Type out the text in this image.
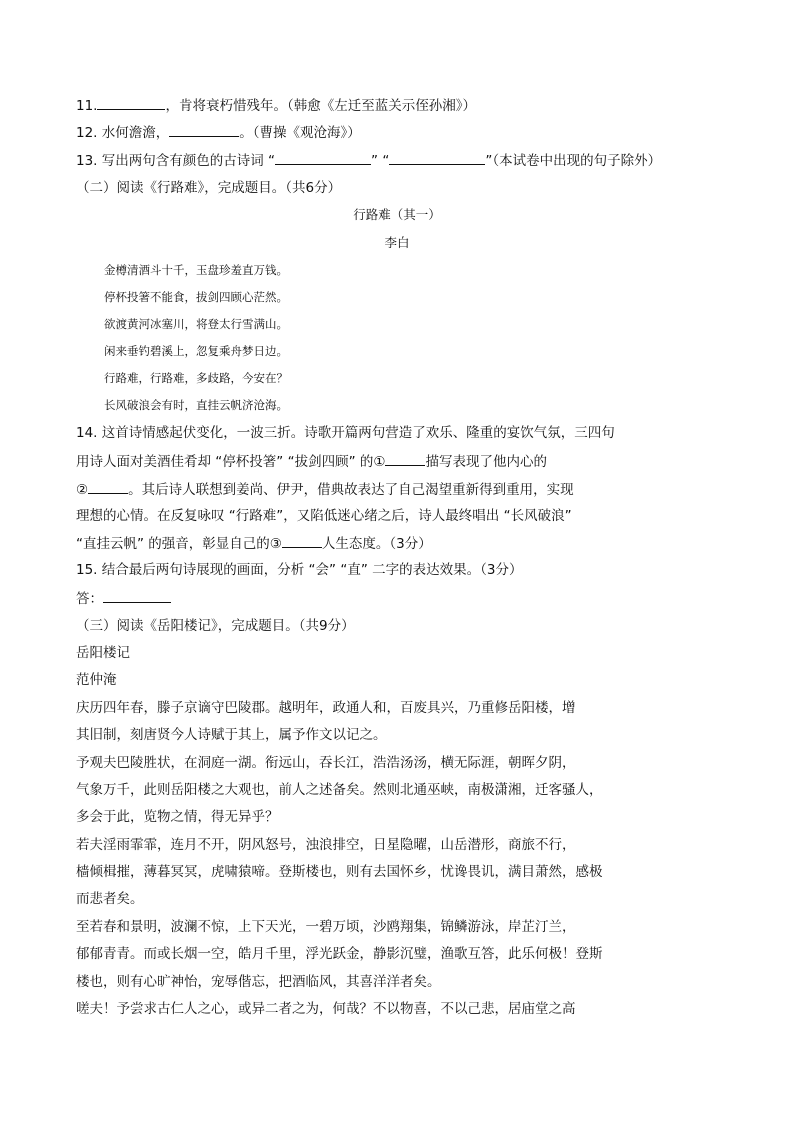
11.	，肯将衰朽惜残年。（韩愈《左迁至蓝关示侄孙湘》）

12. 水何澹澹，	。（曹操《观沧海》）

13. 写出两句含有颜色的古诗词 “	” “	”（本试卷中出现的句子除外）

（二）阅读《行路难》，完成题目。（共6分）

行路难（其一）
李白
金樽清酒斗十千，玉盘珍羞直万钱。
停杯投箸不能食，拔剑四顾心茫然。
欲渡黄河冰塞川，将登太行雪满山。
闲来垂钓碧溪上，忽复乘舟梦日边。
行路难，行路难，多歧路，今安在？
长风破浪会有时，直挂云帆济沧海。

14. 这首诗情感起伏变化，一波三折。诗歌开篇两句营造了欢乐、隆重的宴饮气氛，三四句

用诗人面对美酒佳肴却 “停杯投箸” “拔剑四顾” 的①	描写表现了他内心的

②	。其后诗人联想到姜尚、伊尹，借典故表达了自己渴望重新得到重用，实现

理想的心情。在反复咏叹 “行路难”，又陷低迷心绪之后，诗人最终唱出 “长风破浪”

“直挂云帆” 的强音，彰显自己的③	人生态度。（3分）

15. 结合最后两句诗展现的画面，分析 “会” “直” 二字的表达效果。（3分）

答：

（三）阅读《岳阳楼记》，完成题目。（共9分）

岳阳楼记

范仲淹

庆历四年春，滕子京谪守巴陵郡。越明年，政通人和，百废具兴，乃重修岳阳楼，增

其旧制，刻唐贤今人诗赋于其上，属予作文以记之。

予观夫巴陵胜状，在洞庭一湖。衔远山，吞长江，浩浩汤汤，横无际涯，朝晖夕阴，

气象万千，此则岳阳楼之大观也，前人之述备矣。然则北通巫峡，南极潇湘，迁客骚人，

多会于此，览物之情，得无异乎？

若夫淫雨霏霏，连月不开，阴风怒号，浊浪排空，日星隐曜，山岳潜形，商旅不行，

樯倾楫摧，薄暮冥冥，虎啸猿啼。登斯楼也，则有去国怀乡，忧谗畏讥，满目萧然，感极

而悲者矣。

至若春和景明，波澜不惊，上下天光，一碧万顷，沙鸥翔集，锦鳞游泳，岸芷汀兰，

郁郁青青。而或长烟一空，皓月千里，浮光跃金，静影沉璧，渔歌互答，此乐何极！登斯

楼也，则有心旷神怡，宠辱偕忘，把酒临风，其喜洋洋者矣。

嗟夫！予尝求古仁人之心，或异二者之为，何哉？不以物喜，不以己悲，居庙堂之高
